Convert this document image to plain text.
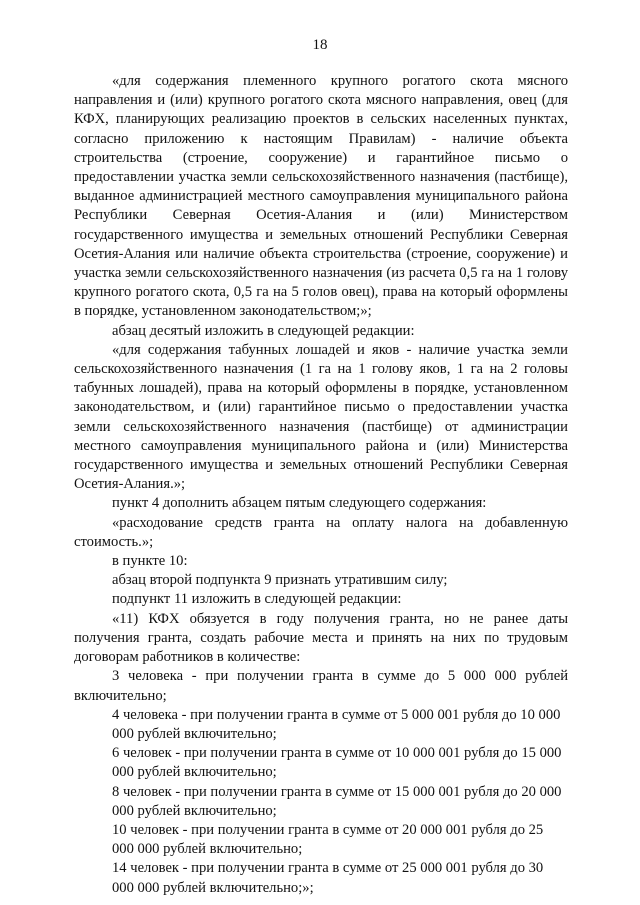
18

«для содержания племенного крупного рогатого скота мясного направления и (или) крупного рогатого скота мясного направления, овец (для КФХ, планирующих реализацию проектов в сельских населенных пунктах, согласно приложению к настоящим Правилам) - наличие объекта строительства (строение, сооружение) и гарантийное письмо о предоставлении участка земли сельскохозяйственного назначения (пастбище), выданное администрацией местного самоуправления муниципального района Республики Северная Осетия-Алания и (или) Министерством государственного имущества и земельных отношений Республики Северная Осетия-Алания или наличие объекта строительства (строение, сооружение) и участка земли сельскохозяйственного назначения (из расчета 0,5 га на 1 голову крупного рогатого скота, 0,5 га на 5 голов овец), права на который оформлены в порядке, установленном законодательством;»;

абзац десятый изложить в следующей редакции:

«для содержания табунных лошадей и яков - наличие участка земли сельскохозяйственного назначения (1 га на 1 голову яков, 1 га на 2 головы табунных лошадей), права на который оформлены в порядке, установленном законодательством, и (или) гарантийное письмо о предоставлении участка земли сельскохозяйственного назначения (пастбище) от администрации местного самоуправления муниципального района и (или) Министерства государственного имущества и земельных отношений Республики Северная Осетия-Алания.»;

пункт 4 дополнить абзацем пятым следующего содержания:

«расходование средств гранта на оплату налога на добавленную стоимость.»;

в пункте 10:

абзац второй подпункта 9 признать утратившим силу;

подпункт 11 изложить в следующей редакции:

«11) КФХ обязуется в году получения гранта, но не ранее даты получения гранта, создать рабочие места и принять на них по трудовым договорам работников в количестве:

3 человека - при получении гранта в сумме до 5 000 000 рублей включительно;

4 человека - при получении гранта в сумме от 5 000 001 рубля до 10 000 000 рублей включительно;

6 человек - при получении гранта в сумме от 10 000 001 рубля до 15 000 000 рублей включительно;

8 человек - при получении гранта в сумме от 15 000 001 рубля до 20 000 000 рублей включительно;

10 человек - при получении гранта в сумме от 20 000 001 рубля до 25 000 000 рублей включительно;

14 человек - при получении гранта в сумме от 25 000 001 рубля до 30 000 000 рублей включительно;»;
